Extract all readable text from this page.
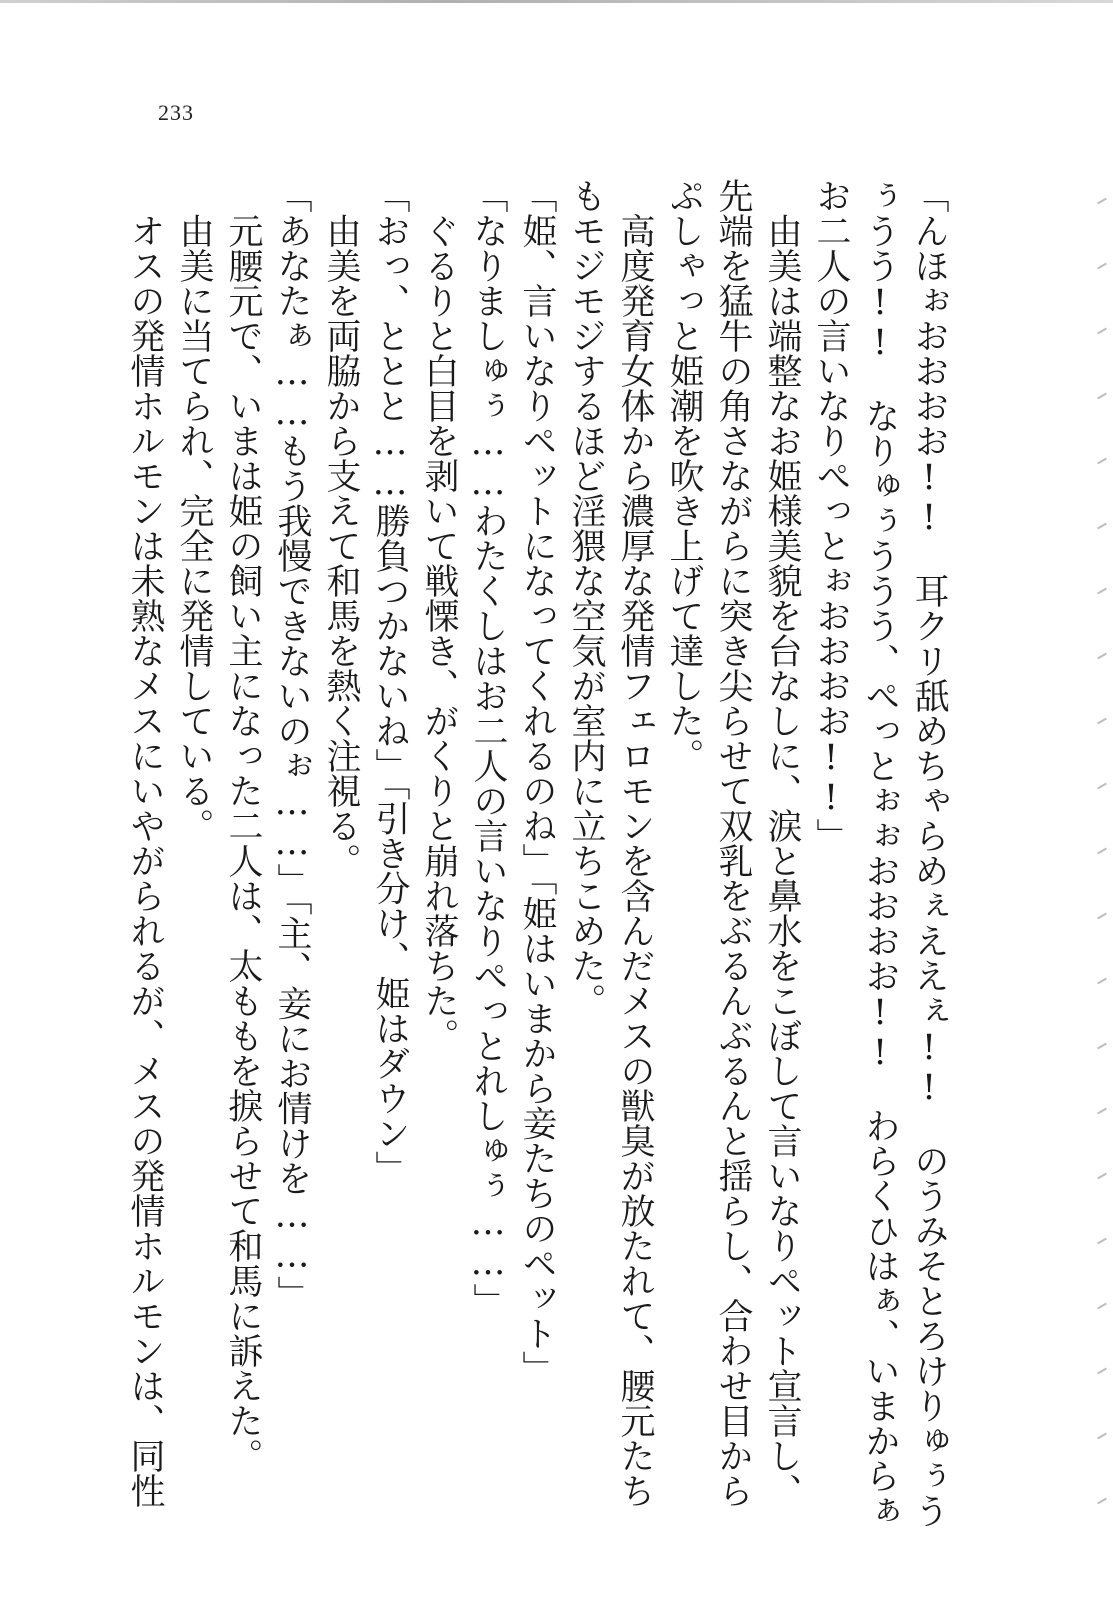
233
「んほぉおおおお!!　耳クリ舐めちゃらめぇええぇ!!　のうみそとろけりゅぅう
ぅうう!!　なりゅぅううう、ぺっとぉぉおおおお!!　わらくひはぁ、いまからぁ
お二人の言いなりぺっとぉおおおお!!」
　由美は端整なお姫様美貌を台なしに、涙と鼻水をこぼして言いなりペット宣言し、
先端を猛牛の角さながらに突き尖らせて双乳をぶるんぶるんと揺らし、合わせ目から
ぷしゃっと姫潮を吹き上げて達した。
　高度発育女体から濃厚な発情フェロモンを含んだメスの獣臭が放たれて、腰元たち
もモジモジするほど淫猥な空気が室内に立ちこめた。
「姫、言いなりペットになってくれるのね」「姫はいまから妾たちのペット」
「なりましゅぅ……わたくしはお二人の言いなりぺっとれしゅぅ……」
　ぐるりと白目を剥いて戦慄き、がくりと崩れ落ちた。
「おっ、ととと……勝負つかないね」「引き分け、姫はダウン」
　由美を両脇から支えて和馬を熱く注視る。
「あなたぁ……もう我慢できないのぉ……」「主、妾にお情けを……」
　元腰元で、いまは姫の飼い主になった二人は、太ももを捩らせて和馬に訴えた。
　由美に当てられ、完全に発情している。
　オスの発情ホルモンは未熟なメスにいやがられるが、メスの発情ホルモンは、同性
